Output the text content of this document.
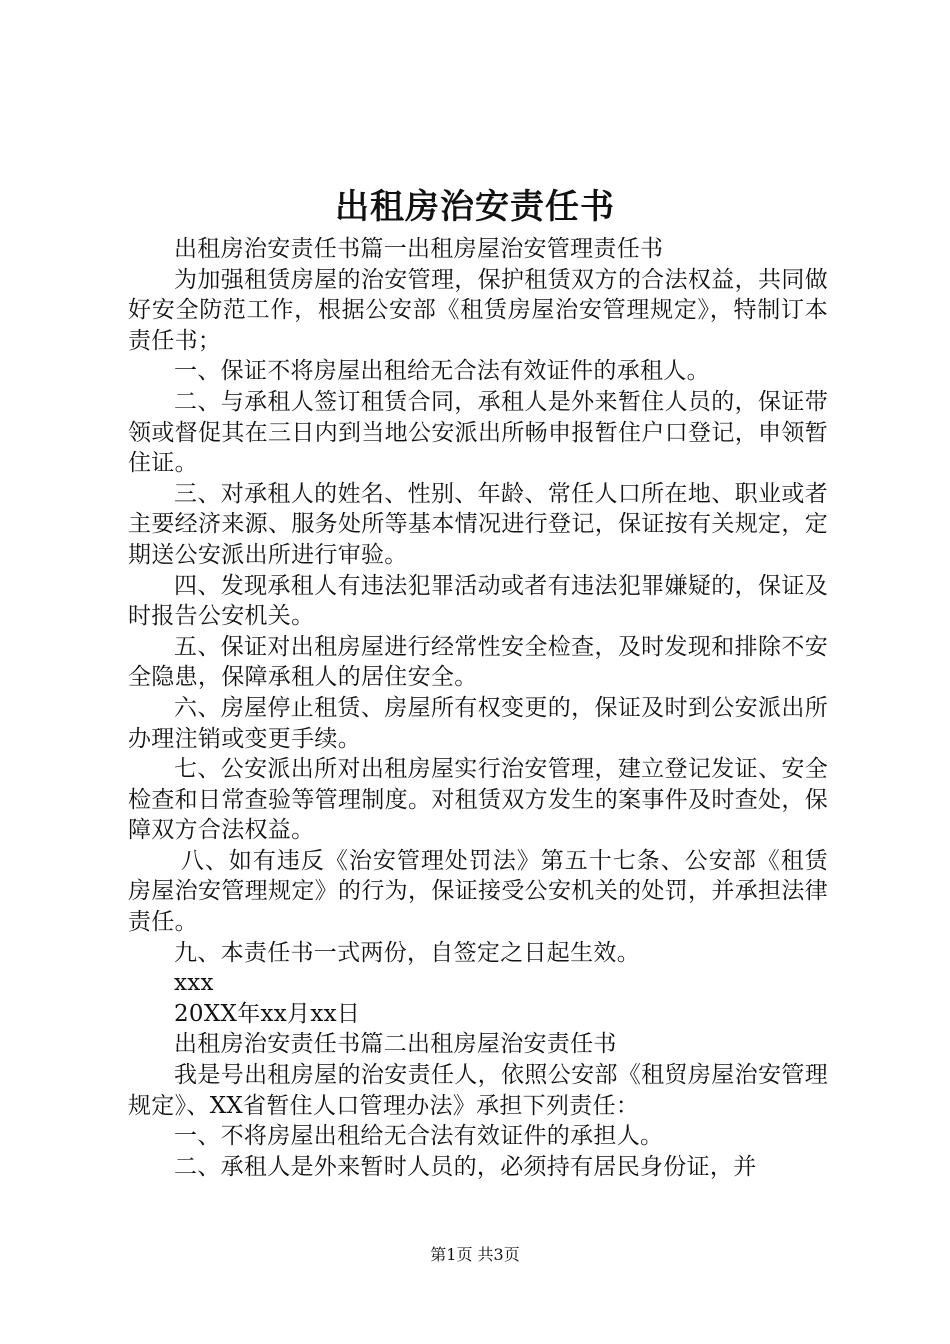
出租房治安责任书

出租房治安责任书篇一出租房屋治安管理责任书

为加强租赁房屋的治安管理，保护租赁双方的合法权益，共同做好安全防范工作，根据公安部《租赁房屋治安管理规定》，特制订本责任书；

一、保证不将房屋出租给无合法有效证件的承租人。

二、与承租人签订租赁合同，承租人是外来暂住人员的，保证带领或督促其在三日内到当地公安派出所畅申报暂住户口登记，申领暂住证。

三、对承租人的姓名、性别、年龄、常任人口所在地、职业或者主要经济来源、服务处所等基本情况进行登记，保证按有关规定，定期送公安派出所进行审验。

四、发现承租人有违法犯罪活动或者有违法犯罪嫌疑的，保证及时报告公安机关。

五、保证对出租房屋进行经常性安全检查，及时发现和排除不安全隐患，保障承租人的居住安全。

六、房屋停止租赁、房屋所有权变更的，保证及时到公安派出所办理注销或变更手续。

七、公安派出所对出租房屋实行治安管理，建立登记发证、安全检查和日常查验等管理制度。对租赁双方发生的案事件及时查处，保障双方合法权益。

八、如有违反《治安管理处罚法》第五十七条、公安部《租赁房屋治安管理规定》的行为，保证接受公安机关的处罚，并承担法律责任。

九、本责任书一式两份，自签定之日起生效。

xxx

20XX年xx月xx日

出租房治安责任书篇二出租房屋治安责任书

我是号出租房屋的治安责任人，依照公安部《租贸房屋治安管理规定》、XX省暂住人口管理办法》承担下列责任：

一、不将房屋出租给无合法有效证件的承担人。

二、承租人是外来暂时人员的，必须持有居民身份证，并

第1页 共3页
